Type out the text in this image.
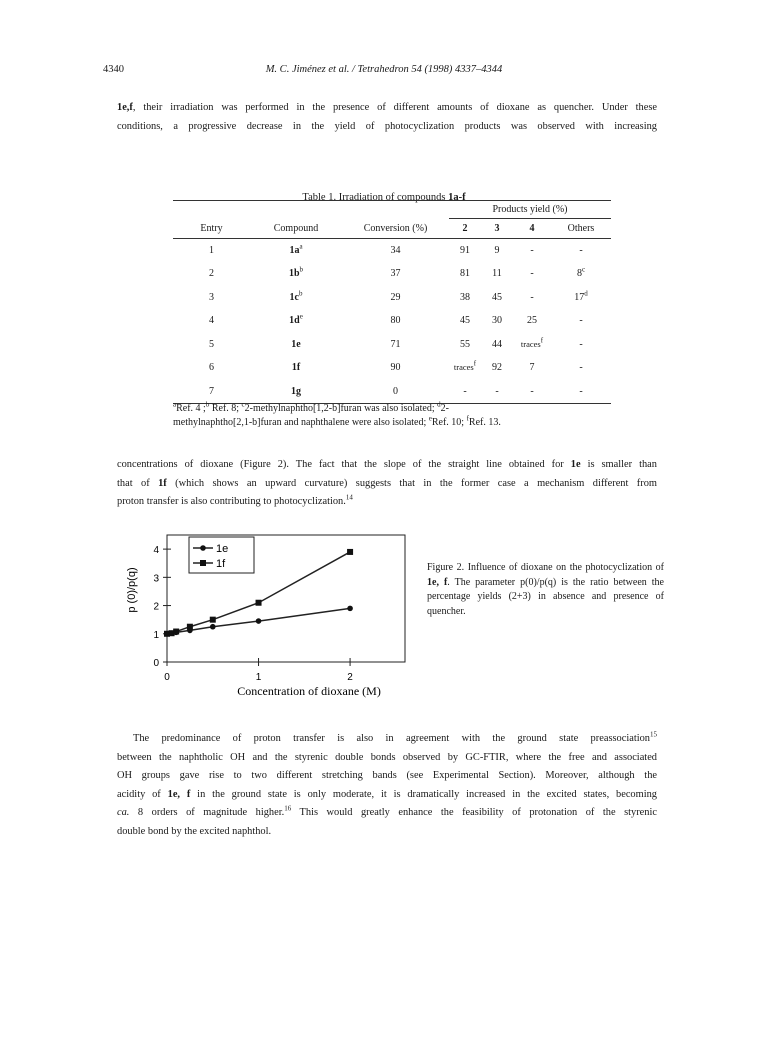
4340	M. C. Jiménez et al. / Tetrahedron 54 (1998) 4337–4344

1e,f, their irradiation was performed in the presence of different amounts of dioxane as quencher. Under these

conditions, a progressive decrease in the yield of photocyclization products was observed with increasing

Table 1. Irradiation of compounds 1a-f
			Products yield (%)			
Entry	Compound	Conversion (%)	2	3	4	Others
1	$1a^a$	34	91	9	-	-
2	$1b^b$	37	81	11	-	8$^c$
3	$1c^b$	29	38	45	-	17$^d$
4	$1d^e$	80	45	30	25	-
5	1e	71	55	44	traces$^f$	-
6	1f	90	traces$^f$	92	7	-
7	1g	0	-	-	-	-
$^a$Ref. 4 ;$^b$ Ref. 8; $^c$2-methylnaphtho[1,2-b]furan was also isolated; $^d$2-
methylnaphtho[2,1-b]furan and naphthalene were also isolated; $^e$Ref. 10; $^f$Ref. 13.

concentrations of dioxane (Figure 2). The fact that the slope of the straight line obtained for 1e is smaller than

that of 1f (which shows an upward curvature) suggests that in the former case a mechanism different from

proton transfer is also contributing to photocyclization.$^{14}$

p (0)/p(q)
0
1
2
3
4
0	1	2
1e
1f
Concentration of dioxane (M)
Figure 2. Influence of dioxane on the photocyclization of 1e, f. The parameter p(0)/p(q) is the ratio between the percentage yields (2+3) in absence and presence of quencher.

The predominance of proton transfer is also in agreement with the ground state preassociation$^{15}$

between the naphtholic OH and the styrenic double bonds observed by GC-FTIR, where the free and associated

OH groups gave rise to two different stretching bands (see Experimental Section). Moreover, although the

acidity of 1e, f in the ground state is only moderate, it is dramatically increased in the excited states, becoming

ca. 8 orders of magnitude higher.$^{16}$ This would greatly enhance the feasibility of protonation of the styrenic

double bond by the excited naphthol.
